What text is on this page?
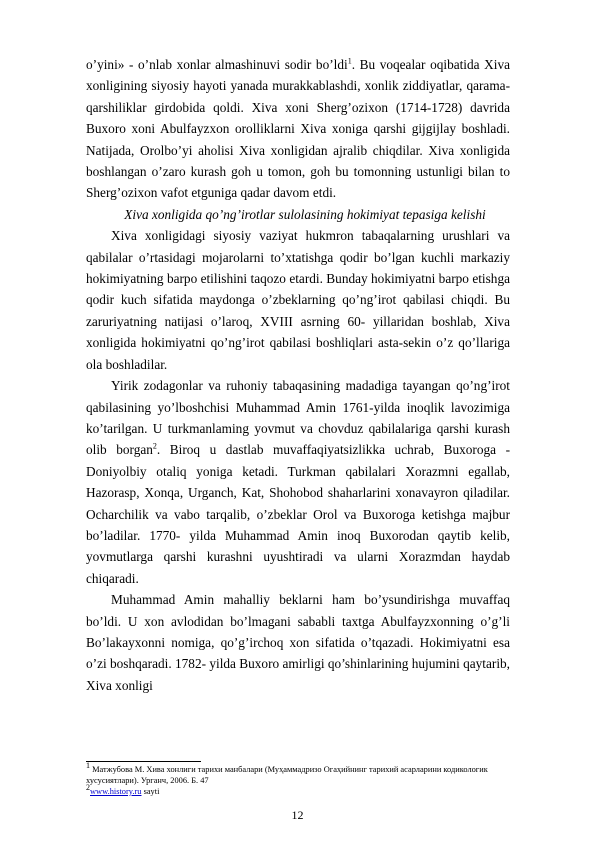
o’yini» - o’nlab xonlar almashinuvi sodir bo’ldi$^1$. Bu voqealar oqibatida Xiva xonligining siyosiy hayoti yanada murakkablashdi, xonlik ziddiyatlar, qarama-qarshiliklar girdobida qoldi. Xiva xoni Sherg’ozixon (1714-1728) davrida Buxoro xoni Abulfayzxon orolliklarni Xiva xoniga qarshi gijgijlay boshladi. Natijada, Orolbo’yi aholisi Xiva xonligidan ajralib chiqdilar. Xiva xonligida boshlangan o’zaro kurash goh u tomon, goh bu tomonning ustunligi bilan to Sherg’ozixon vafot etguniga qadar davom etdi.

Xiva xonligida qo’ng’irotlar sulolasining hokimiyat tepasiga kelishi

Xiva xonligidagi siyosiy vaziyat hukmron tabaqalarning urushlari va qabilalar o’rtasidagi mojarolarni to’xtatishga qodir bo’lgan kuchli markaziy hokimiyatning barpo etilishini taqozo etardi. Bunday hokimiyatni barpo etishga qodir kuch sifatida maydonga o’zbeklarning qo’ng’irot qabilasi chiqdi. Bu zaruriyatning natijasi o’laroq, XVIII asrning 60- yillaridan boshlab, Xiva xonligida hokimiyatni qo’ng’irot qabilasi boshliqlari asta-sekin o’z qo’llariga ola boshladilar.

Yirik zodagonlar va ruhoniy tabaqasining madadiga tayangan qo’ng’irot qabilasining yo’lboshchisi Muhammad Amin 1761-yilda inoqlik lavozimiga ko’tarilgan. U turkmanlaming yovmut va chovduz qabilalariga qarshi kurash olib borgan$^2$. Biroq u dastlab muvaffaqiyatsizlikka uchrab, Buxoroga - Doniyolbiy otaliq yoniga ketadi. Turkman qabilalari Xorazmni egallab, Hazorasp, Xonqa, Urganch, Kat, Shohobod shaharlarini xonavayron qiladilar. Ocharchilik va vabo tarqalib, o’zbeklar Orol va Buxoroga ketishga majbur bo’ladilar. 1770- yilda Muhammad Amin inoq Buxorodan qaytib kelib, yovmutlarga qarshi kurashni uyushtiradi va ularni Xorazmdan haydab chiqaradi.

Muhammad Amin mahalliy beklarni ham bo’ysundirishga muvaffaq bo’ldi. U xon avlodidan bo’lmagani sababli taxtga Abulfayzxonning o’g’li Bo’lakayxonni nomiga, qo’g’irchoq xon sifatida o’tqazadi. Hokimiyatni esa o’zi boshqaradi. 1782- yilda Buxoro amirligi qo’shinlarining hujumini qaytarib, Xiva xonligi

$^1$ Матжубова М. Хива хонлиги тарихи манбалари (Муҳаммадризо Огаҳийнинг тарихий асарларини кодикологик хусусиятлари). Урганч, 2006. Б. 47

$^2$www.history.ru sayti

12
